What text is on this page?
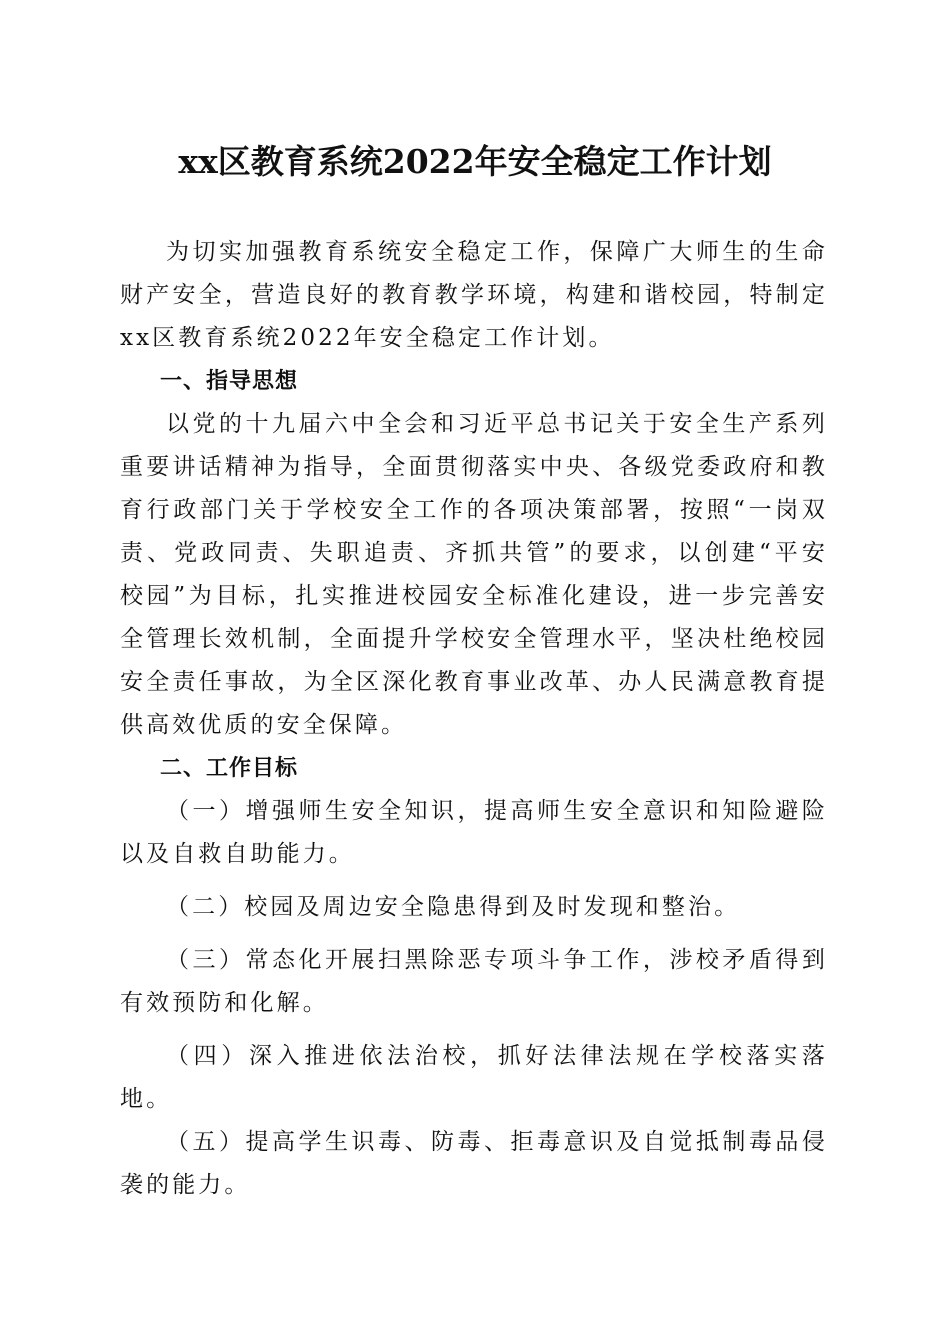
xx区教育系统2022年安全稳定工作计划

为切实加强教育系统安全稳定工作，保障广大师生的生命财产安全，营造良好的教育教学环境，构建和谐校园，特制定xx区教育系统2022年安全稳定工作计划。

一、指导思想

以党的十九届六中全会和习近平总书记关于安全生产系列重要讲话精神为指导，全面贯彻落实中央、各级党委政府和教育行政部门关于学校安全工作的各项决策部署，按照“一岗双责、党政同责、失职追责、齐抓共管”的要求，以创建“平安校园”为目标，扎实推进校园安全标准化建设，进一步完善安全管理长效机制，全面提升学校安全管理水平，坚决杜绝校园安全责任事故，为全区深化教育事业改革、办人民满意教育提供高效优质的安全保障。

二、工作目标

（一）增强师生安全知识，提高师生安全意识和知险避险以及自救自助能力。

（二）校园及周边安全隐患得到及时发现和整治。

（三）常态化开展扫黑除恶专项斗争工作，涉校矛盾得到有效预防和化解。

（四）深入推进依法治校，抓好法律法规在学校落实落地。

（五）提高学生识毒、防毒、拒毒意识及自觉抵制毒品侵袭的能力。
